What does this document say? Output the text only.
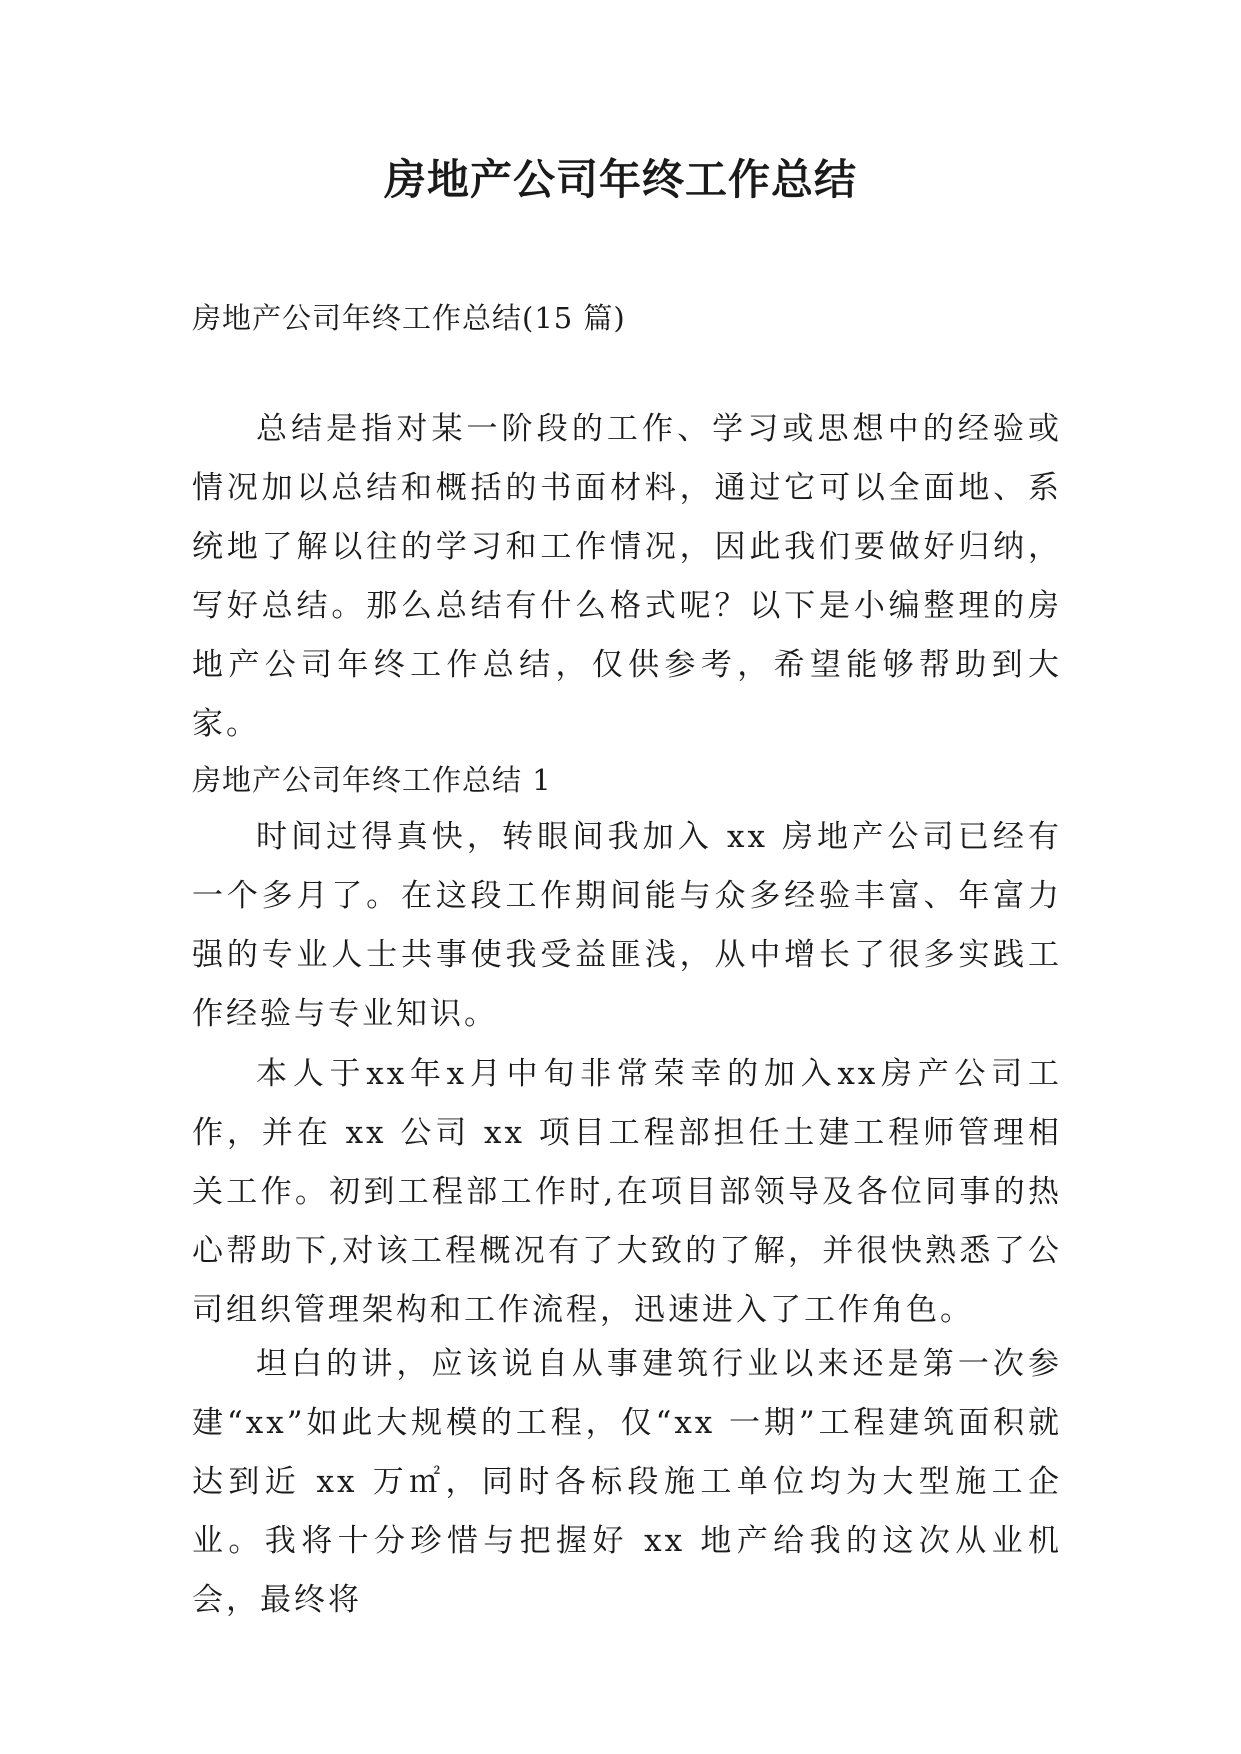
房地产公司年终工作总结

房地产公司年终工作总结(15 篇)

总结是指对某一阶段的工作、学习或思想中的经验或情况加以总结和概括的书面材料，通过它可以全面地、系统地了解以往的学习和工作情况，因此我们要做好归纳，写好总结。那么总结有什么格式呢？以下是小编整理的房地产公司年终工作总结，仅供参考，希望能够帮助到大家。

房地产公司年终工作总结 1

时间过得真快，转眼间我加入 xx 房地产公司已经有一个多月了。在这段工作期间能与众多经验丰富、年富力强的专业人士共事使我受益匪浅，从中增长了很多实践工作经验与专业知识。

本人于xx年x月中旬非常荣幸的加入xx房产公司工作，并在 xx 公司 xx 项目工程部担任土建工程师管理相关工作。初到工程部工作时,在项目部领导及各位同事的热心帮助下,对该工程概况有了大致的了解，并很快熟悉了公司组织管理架构和工作流程，迅速进入了工作角色。

坦白的讲，应该说自从事建筑行业以来还是第一次参建“xx”如此大规模的工程，仅“xx 一期”工程建筑面积就达到近 xx 万㎡，同时各标段施工单位均为大型施工企业。我将十分珍惜与把握好 xx 地产给我的这次从业机会，最终将
